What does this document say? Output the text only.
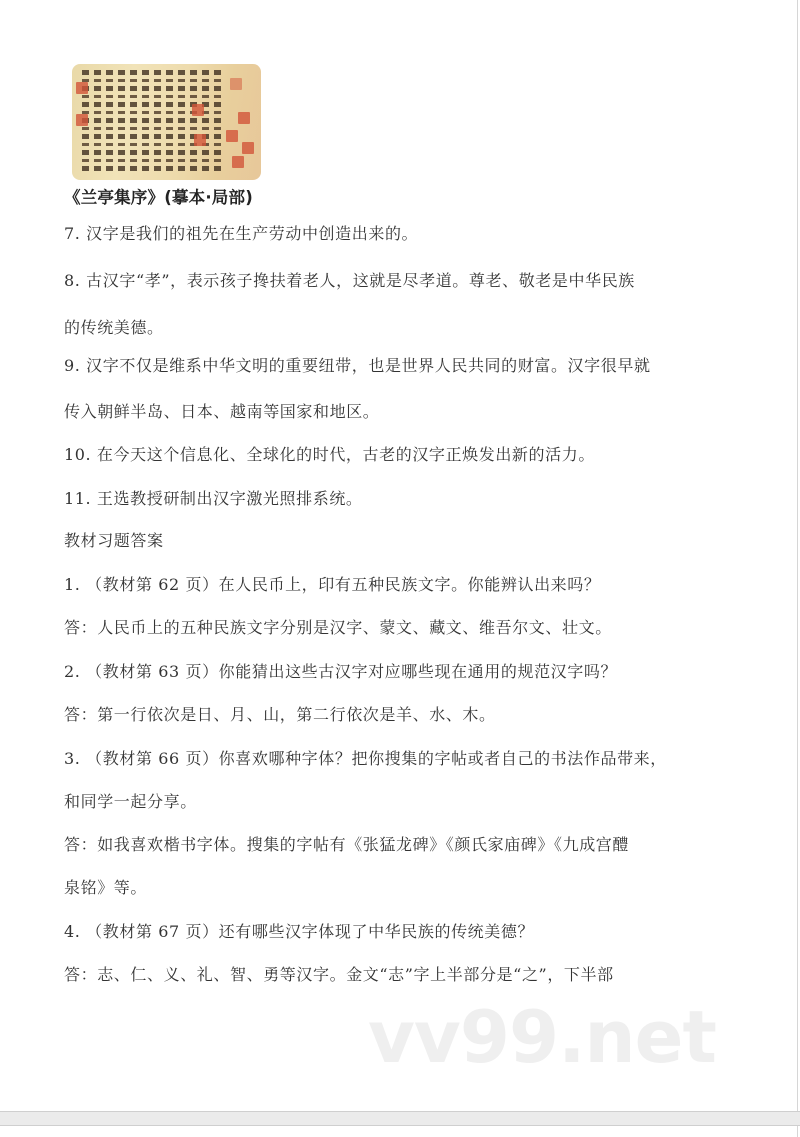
《兰亭集序》(摹本·局部)
7. 汉字是我们的祖先在生产劳动中创造出来的。
8. 古汉字“孝”，表示孩子搀扶着老人，这就是尽孝道。尊老、敬老是中华民族
的传统美德。
9. 汉字不仅是维系中华文明的重要纽带，也是世界人民共同的财富。汉字很早就
传入朝鲜半岛、日本、越南等国家和地区。
10. 在今天这个信息化、全球化的时代，古老的汉字正焕发出新的活力。
11. 王选教授研制出汉字激光照排系统。
教材习题答案
1. （教材第 62 页）在人民币上，印有五种民族文字。你能辨认出来吗？
答：人民币上的五种民族文字分别是汉字、蒙文、藏文、维吾尔文、壮文。
2. （教材第 63 页）你能猜出这些古汉字对应哪些现在通用的规范汉字吗？
答：第一行依次是日、月、山，第二行依次是羊、水、木。
3. （教材第 66 页）你喜欢哪种字体？把你搜集的字帖或者自己的书法作品带来，
和同学一起分享。
答：如我喜欢楷书字体。搜集的字帖有《张猛龙碑》《颜氏家庙碑》《九成宫醴
泉铭》等。
4. （教材第 67 页）还有哪些汉字体现了中华民族的传统美德？
答：志、仁、义、礼、智、勇等汉字。金文“志”字上半部分是“之”，下半部
vv99.net
